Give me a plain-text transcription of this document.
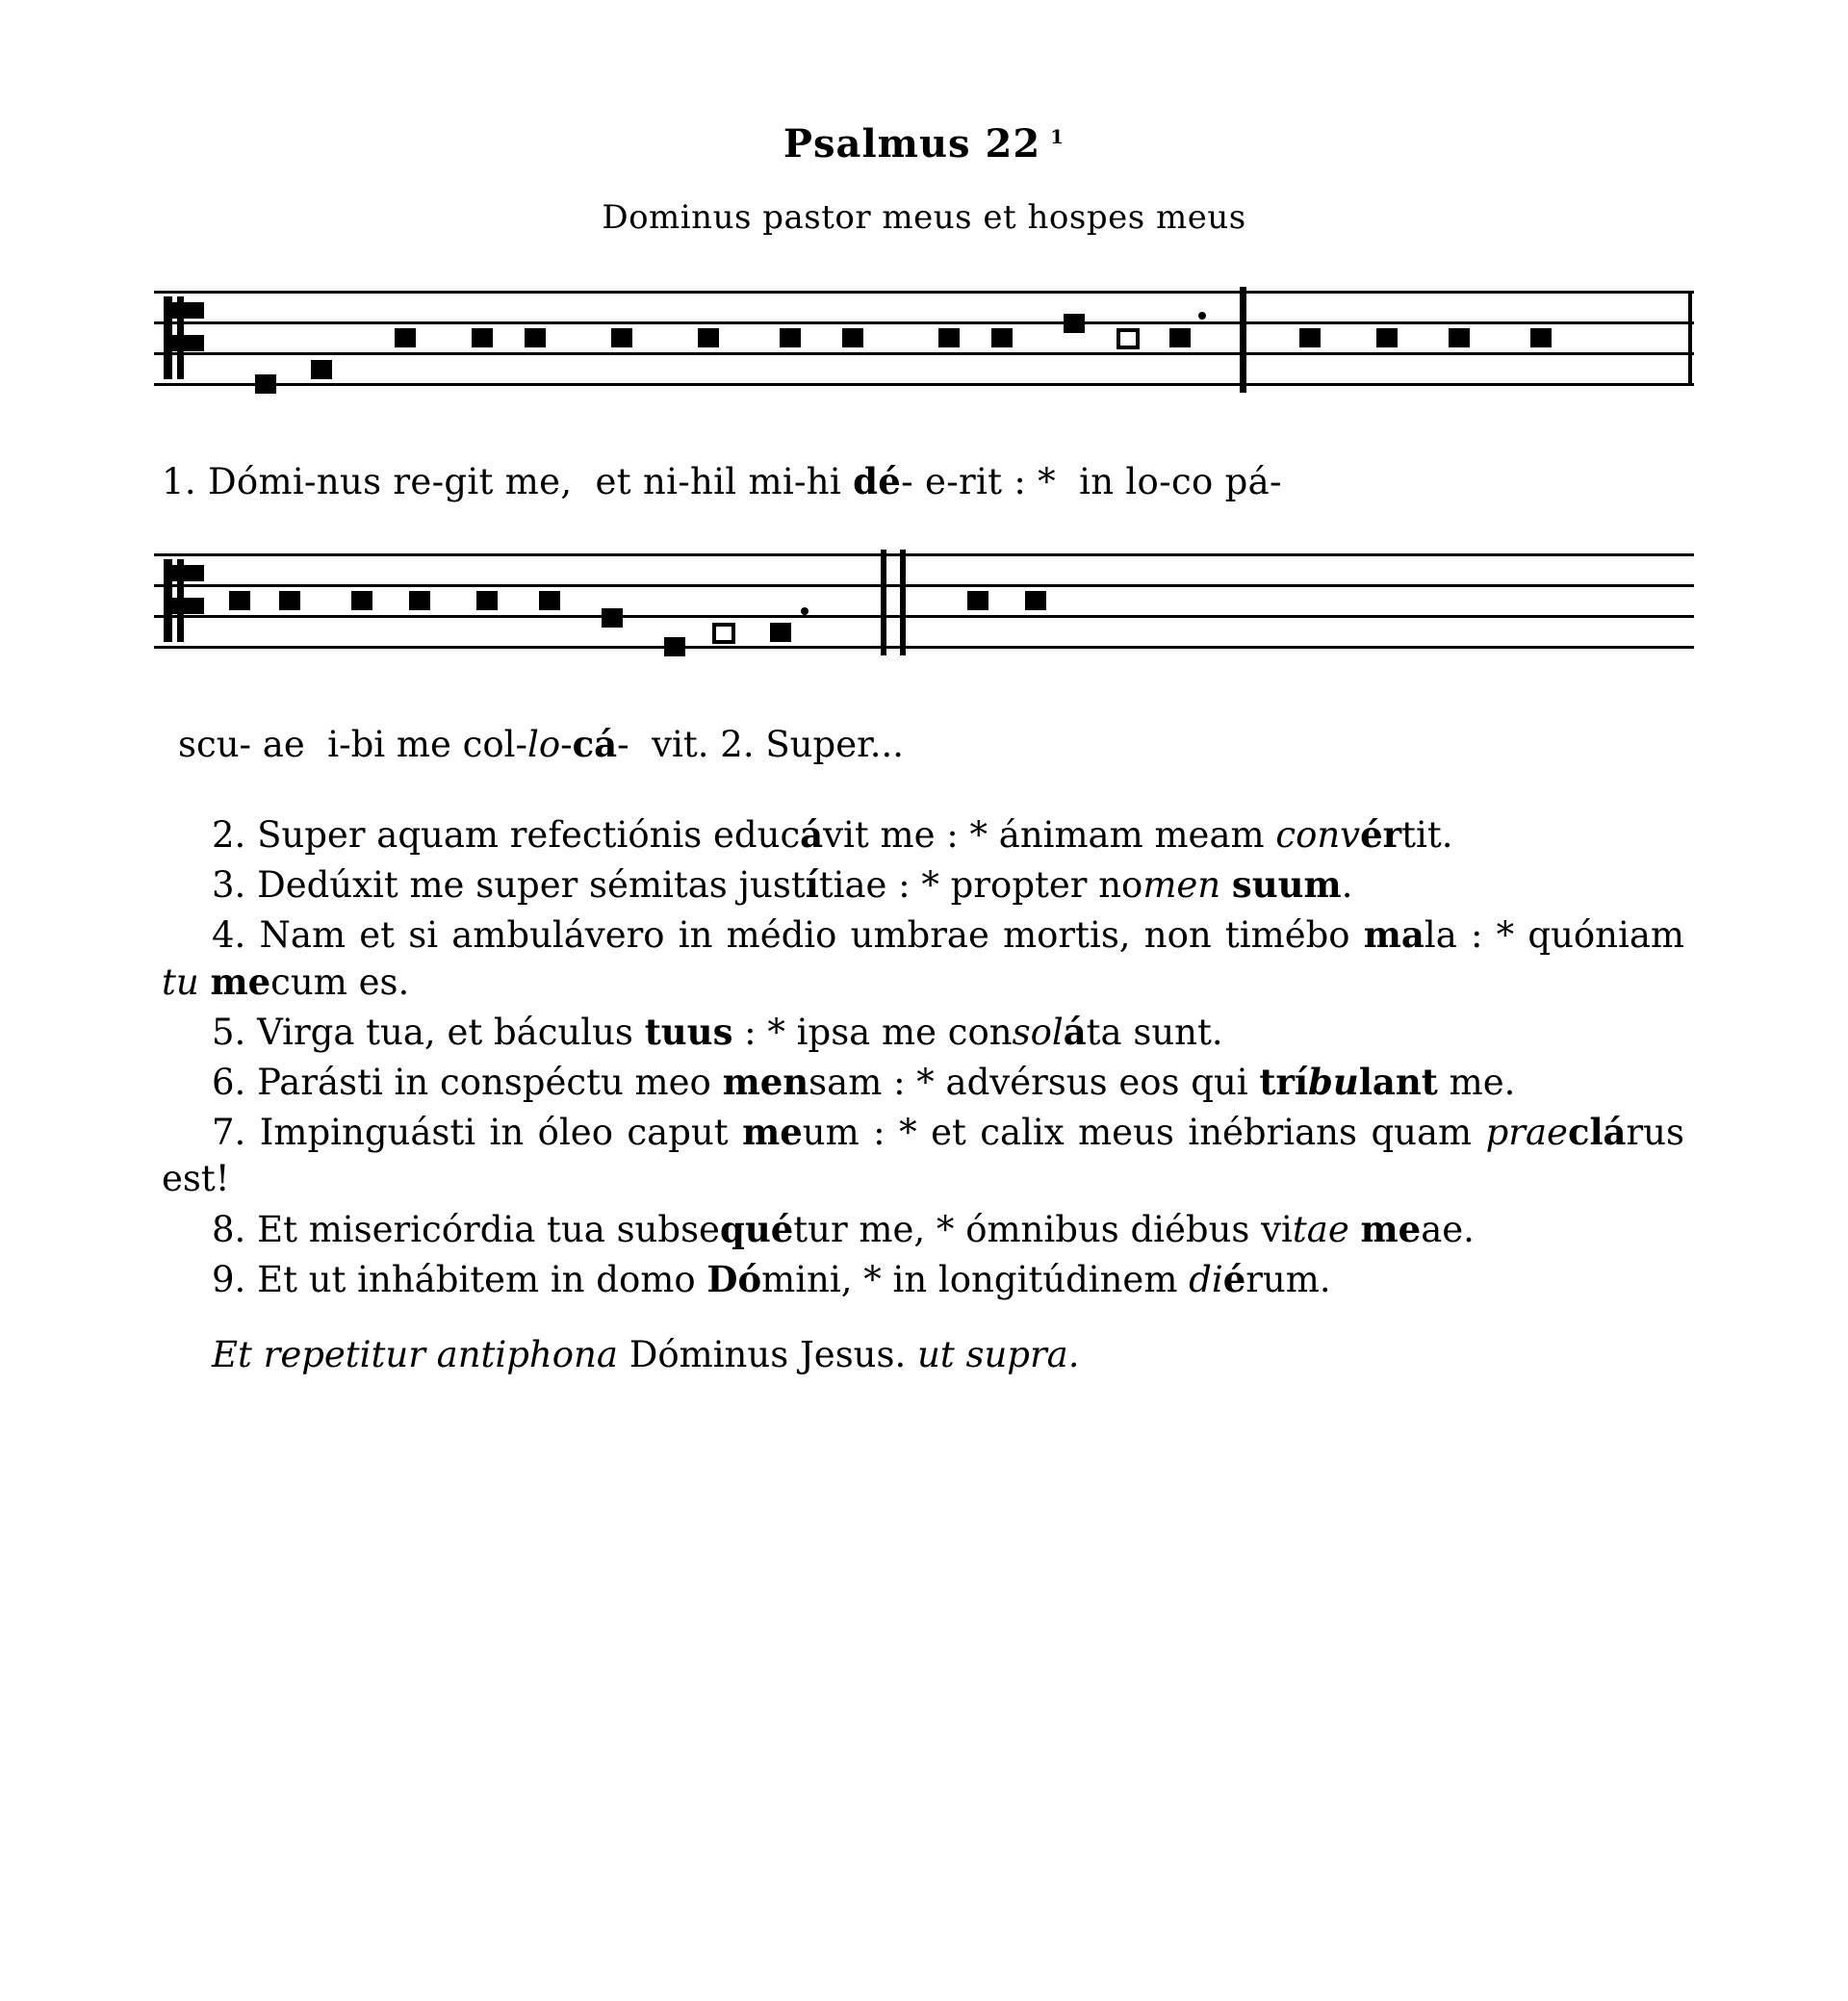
Psalmus 22 $^1$
Dominus pastor meus et hospes meus
1. Dómi-nus re-git me,  et ni-hil mi-hi dé- e-rit : *  in lo-co pá-
scu- ae  i-bi me col-lo-cá-  vit. 2. Super...
2. Super aquam refectiónis educávit me : * ánimam meam convértit.
3. Dedúxit me super sémitas justítiae : * propter nomen suum.
4. Nam et si ambulávero in médio umbrae mortis, non timébo mala : * quóniam tu mecum es.
5. Virga tua, et báculus tuus : * ipsa me consoláta sunt.
6. Parásti in conspéctu meo mensam : * advérsus eos qui tríbulant me.
7. Impinguásti in óleo caput meum : * et calix meus inébrians quam praeclárus est!
8. Et misericórdia tua subsequétur me, * ómnibus diébus vitae meae.
9. Et ut inhábitem in domo Dómini, * in longitúdinem diérum.
Et repetitur antiphona Dóminus Jesus. ut supra.
